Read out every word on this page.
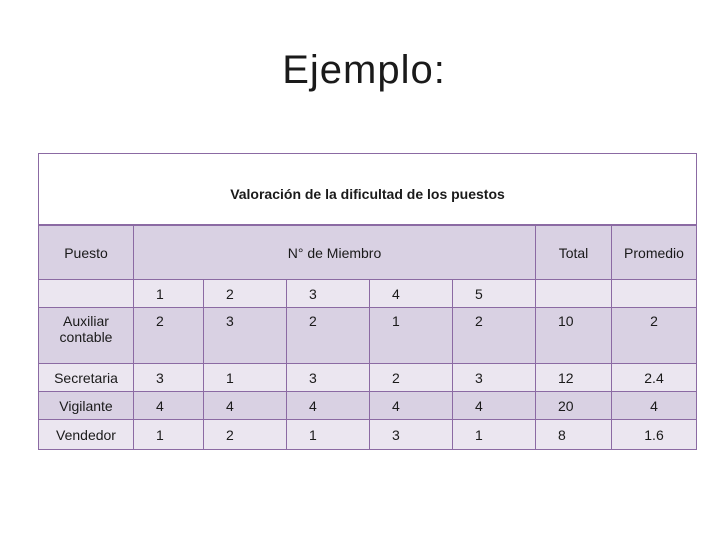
Ejemplo:
Valoración de la dificultad de los puestos							
Puesto	N° de Miembro					Total	Promedio
	1	2	3	4	5		
Auxiliar contable	2	3	2	1	2	10	2
Secretaria	3	1	3	2	3	12	2.4
Vigilante	4	4	4	4	4	20	4
Vendedor	1	2	1	3	1	8	1.6
